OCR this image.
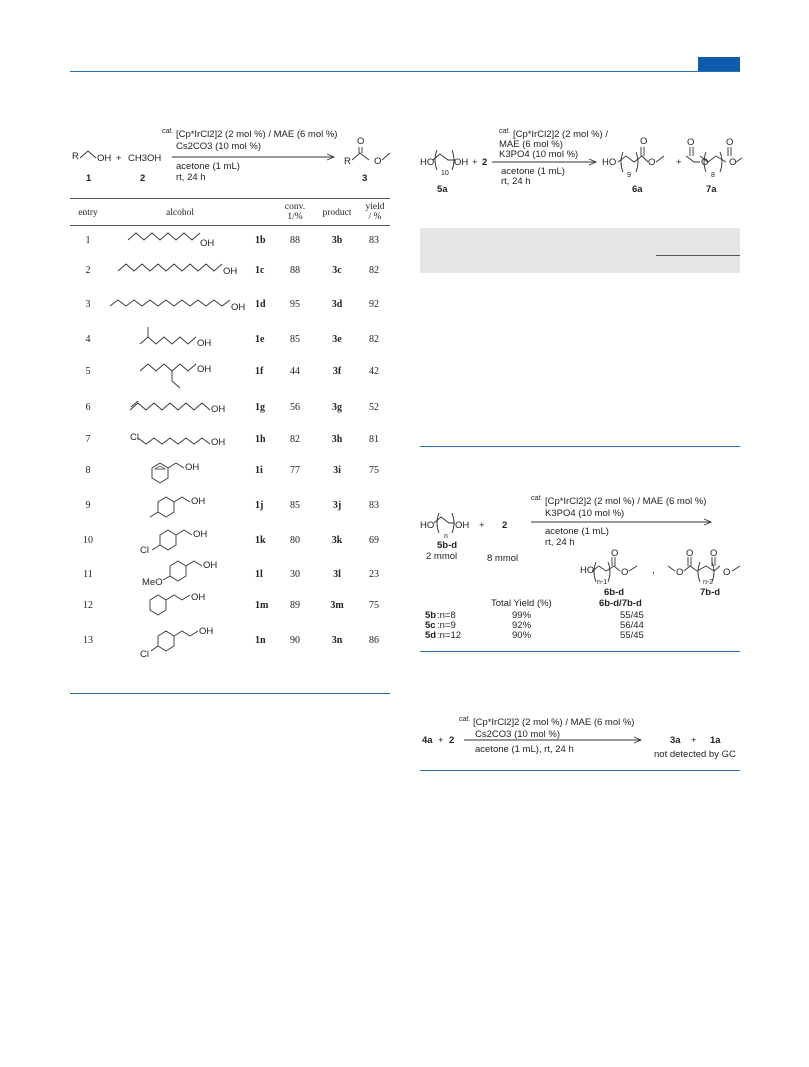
$^{cat.}$ [Cp*IrCl2]2 (2 mol %) / MAE (6 mol %)
Cs2CO3 (10 mol %)
acetone (1 mL)
rt, 24 h
R OH
1
+ CH3OH
2
R
O
O
3
entry	alcohol
conv.
1/%	product
yield
/ %
1	1b	88	3b	83
2	1c	88	3c	82
3	1d	95	3d	92
4	1e	85	3e	82
5	1f	44	3f	42
6	1g	56	3g	52
7	1h	82	3h	81
8	1i	77	3i	75
9	1j	85	3j	83
10	1k	80	3k	69
11	1l	30	3l	23
12	1m	89	3m	75
13	1n	90	3n	86
OH
OH
OH
OH
OH
OH
Cl	OH
OH
OH
OH
Cl
OH
MeO
OH
OH
Cl
$^{cat.}$ [Cp*IrCl2]2 (2 mol %) /
MAE (6 mol %)
K3PO4 (10 mol %)
acetone (1 mL)
rt, 24 h
HO OH
10
5a
+ 2	HO
O
O
9
6a
+
O
O
O
O
8
7a
$^{cat.}$ [Cp*IrCl2]2 (2 mol %) / MAE (6 mol %)
K3PO4 (10 mol %)
acetone (1 mL)
rt, 24 h
HO OH
n
5b-d
2 mmol
+ 2
8 mmol
HO
O
O
n-1
6b-d
,
O O
O	O
n-2
7b-d
Total Yield (%)	6b-d/7b-d
5b :n=8	99%	55/45
5c :n=9	92%	56/44
5d :n=12	90%	55/45
$^{cat.}$ [Cp*IrCl2]2 (2 mol %) / MAE (6 mol %)
Cs2CO3 (10 mol %)
acetone (1 mL), rt, 24 h
4a + 2	3a + 1a
not detected by GC
